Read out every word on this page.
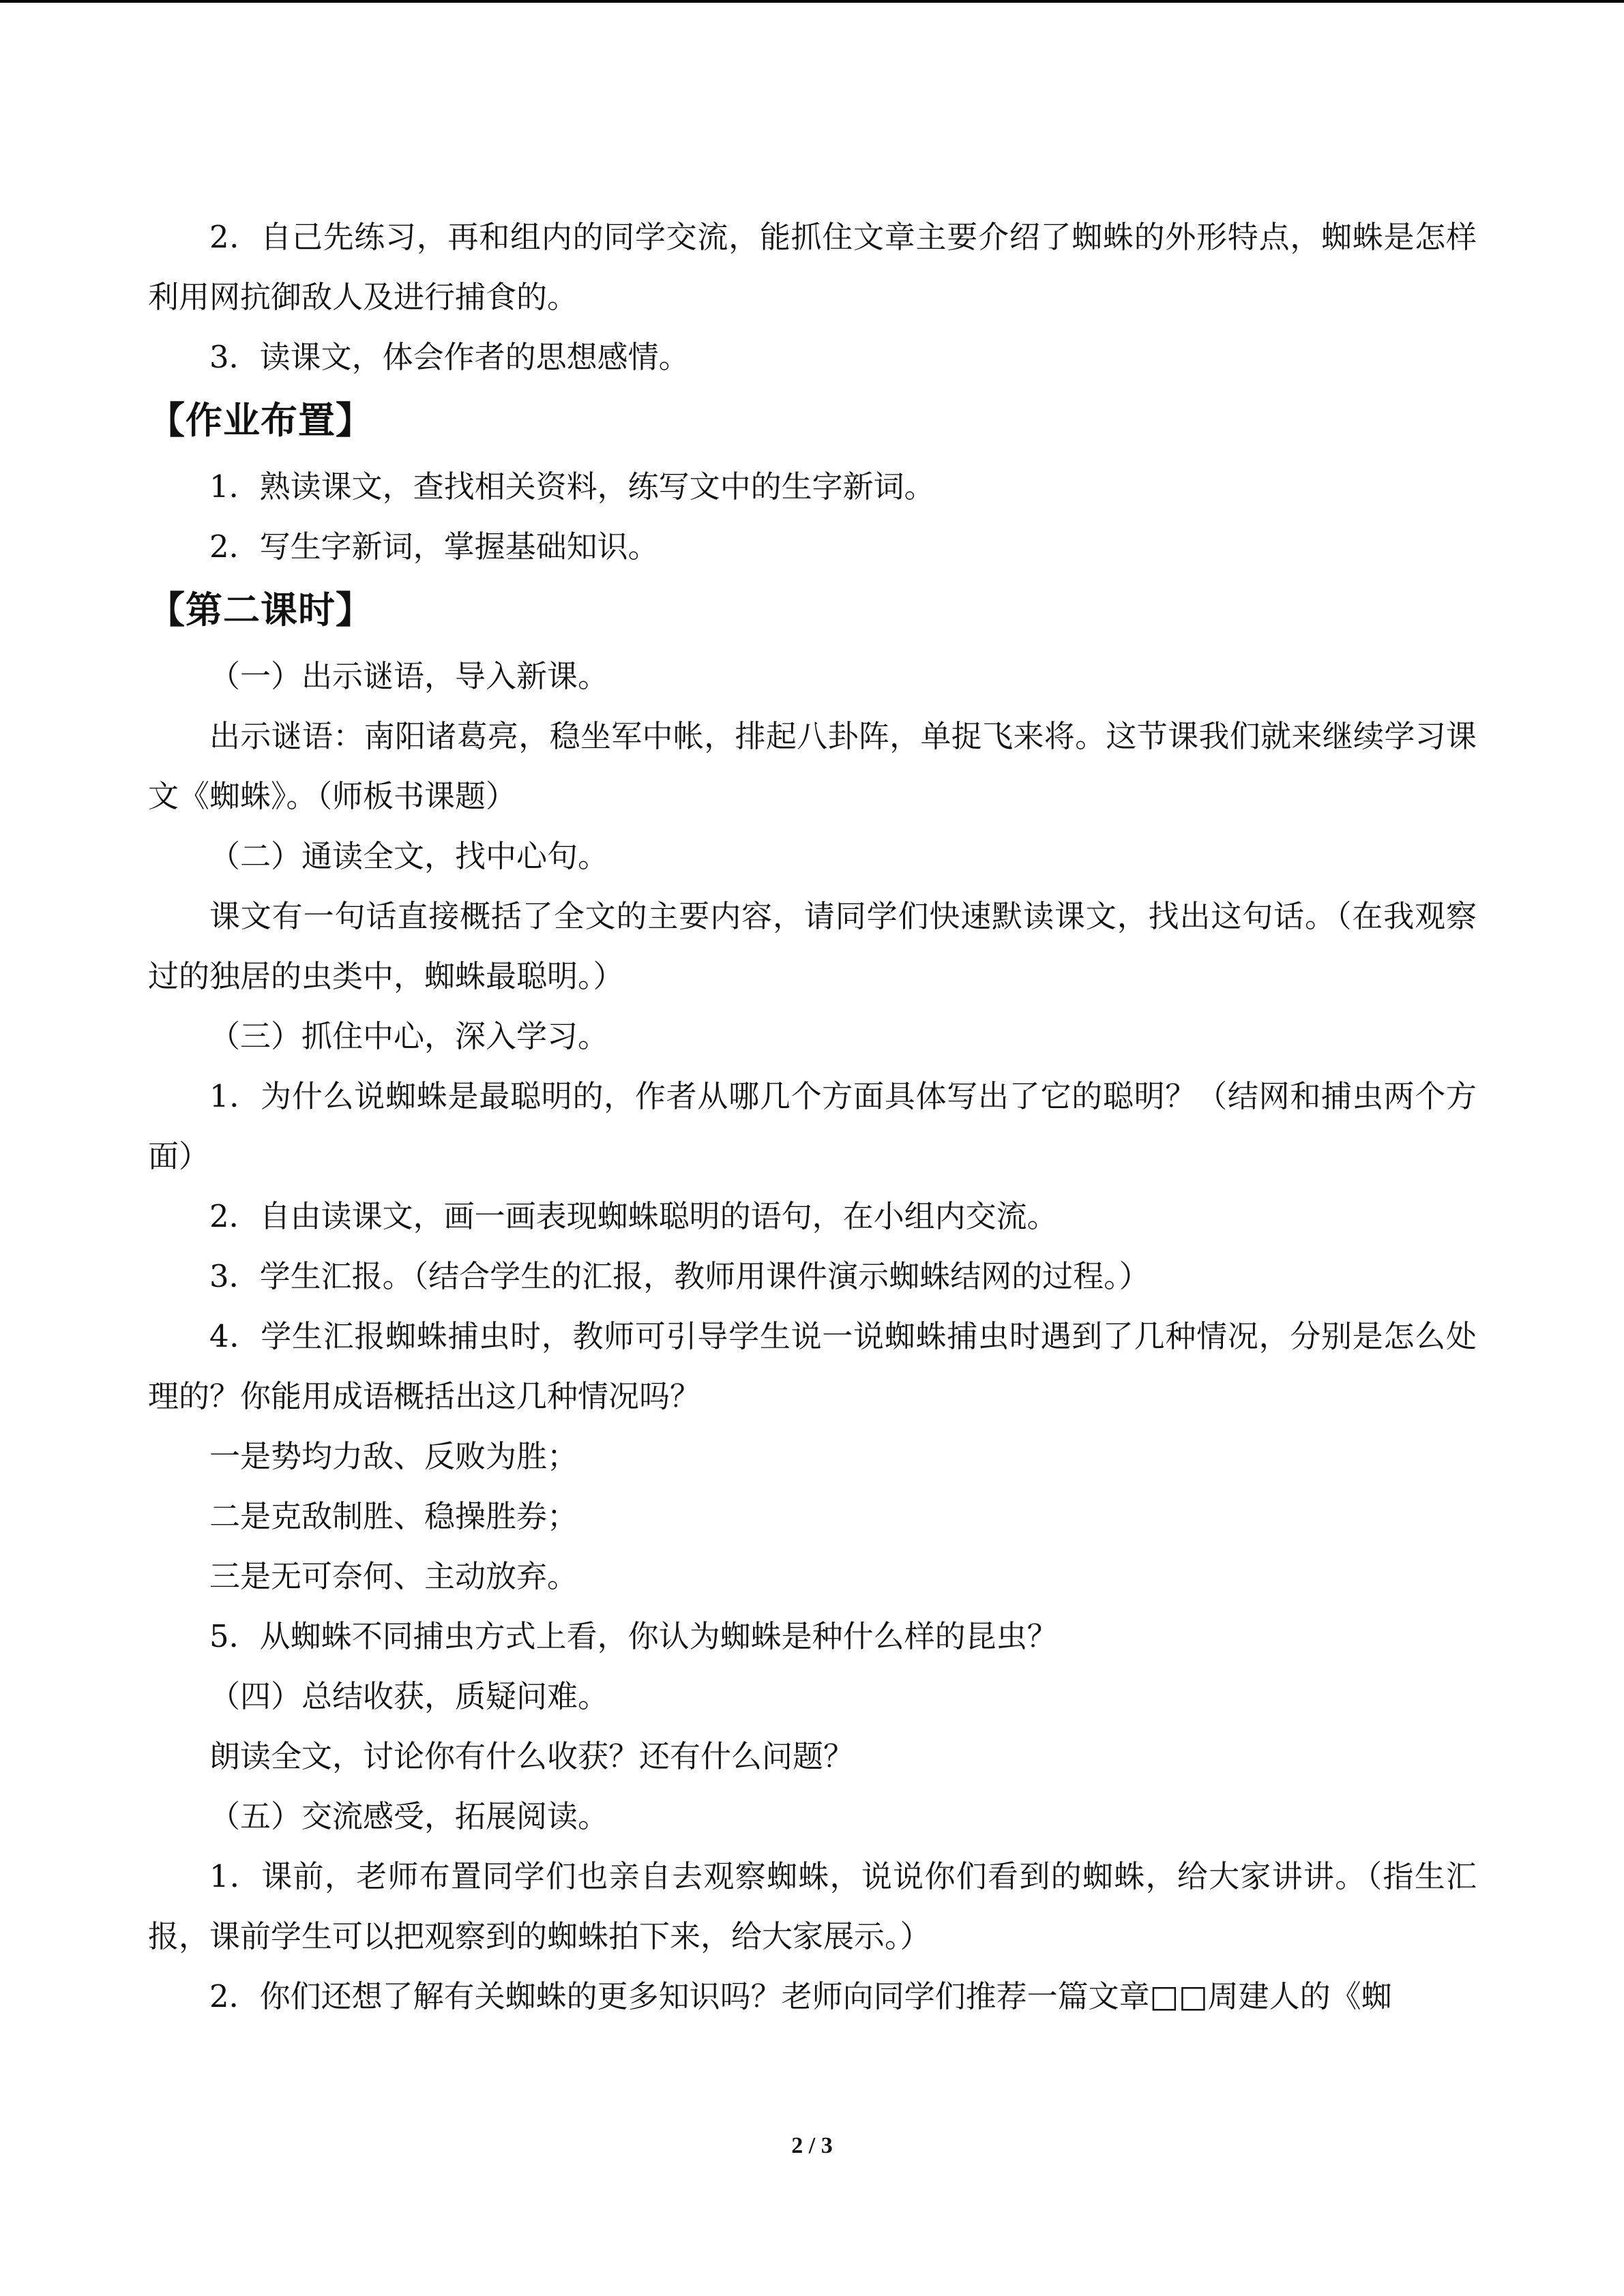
2．自己先练习，再和组内的同学交流，能抓住文章主要介绍了蜘蛛的外形特点，蜘蛛是怎样利用网抗御敌人及进行捕食的。

3．读课文，体会作者的思想感情。

【作业布置】

1．熟读课文，查找相关资料，练写文中的生字新词。

2．写生字新词，掌握基础知识。

【第二课时】

（一）出示谜语，导入新课。

出示谜语：南阳诸葛亮，稳坐军中帐，排起八卦阵，单捉飞来将。这节课我们就来继续学习课文《蜘蛛》。（师板书课题）

（二）通读全文，找中心句。

课文有一句话直接概括了全文的主要内容，请同学们快速默读课文，找出这句话。（在我观察过的独居的虫类中，蜘蛛最聪明。）

（三）抓住中心，深入学习。

1．为什么说蜘蛛是最聪明的，作者从哪几个方面具体写出了它的聪明？（结网和捕虫两个方面）

2．自由读课文，画一画表现蜘蛛聪明的语句，在小组内交流。

3．学生汇报。（结合学生的汇报，教师用课件演示蜘蛛结网的过程。）

4．学生汇报蜘蛛捕虫时，教师可引导学生说一说蜘蛛捕虫时遇到了几种情况，分别是怎么处理的？你能用成语概括出这几种情况吗？

一是势均力敌、反败为胜；

二是克敌制胜、稳操胜券；

三是无可奈何、主动放弃。

5．从蜘蛛不同捕虫方式上看，你认为蜘蛛是种什么样的昆虫？

（四）总结收获，质疑问难。

朗读全文，讨论你有什么收获？还有什么问题？

（五）交流感受，拓展阅读。

1．课前，老师布置同学们也亲自去观察蜘蛛，说说你们看到的蜘蛛，给大家讲讲。（指生汇报，课前学生可以把观察到的蜘蛛拍下来，给大家展示。）

2．你们还想了解有关蜘蛛的更多知识吗？老师向同学们推荐一篇文章□□周建人的《蜘

2 / 3
